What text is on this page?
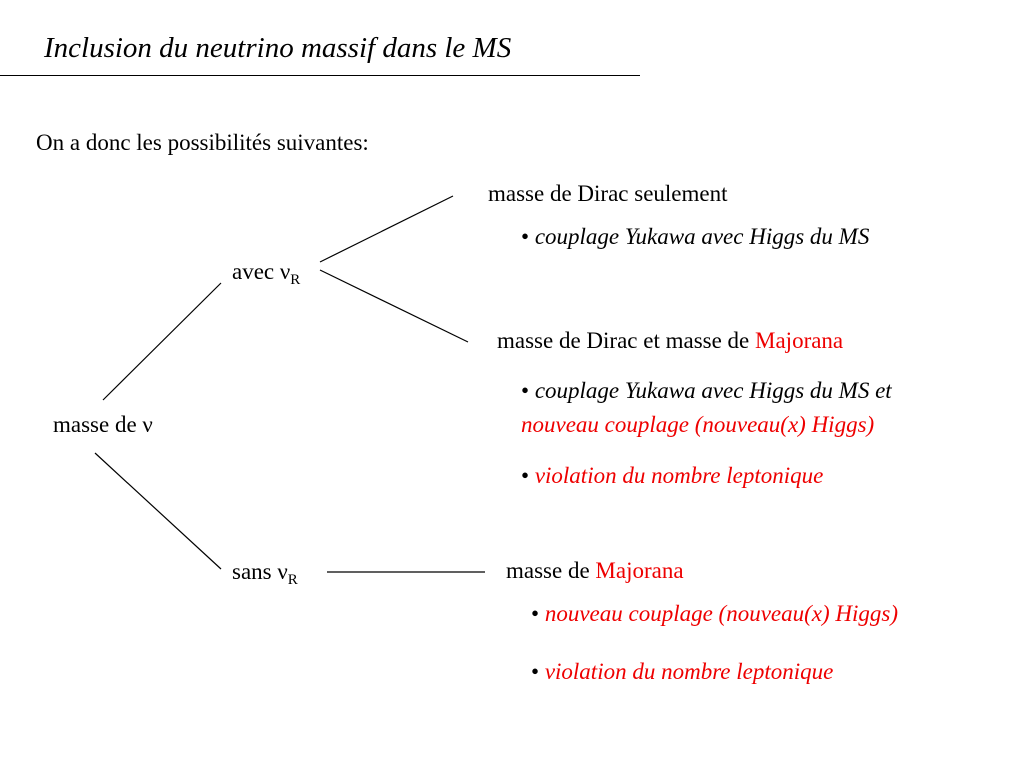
Inclusion du neutrino massif dans le MS
On a donc les possibilités suivantes:
masse de ν
avec $\nu_R$
sans $\nu_R$
masse de Dirac seulement
• couplage Yukawa avec Higgs du MS
masse de Dirac et masse de Majorana
• couplage Yukawa avec Higgs du MS et
nouveau couplage (nouveau(x) Higgs)
• violation du nombre leptonique
masse de Majorana
• nouveau couplage (nouveau(x) Higgs)
• violation du nombre leptonique
